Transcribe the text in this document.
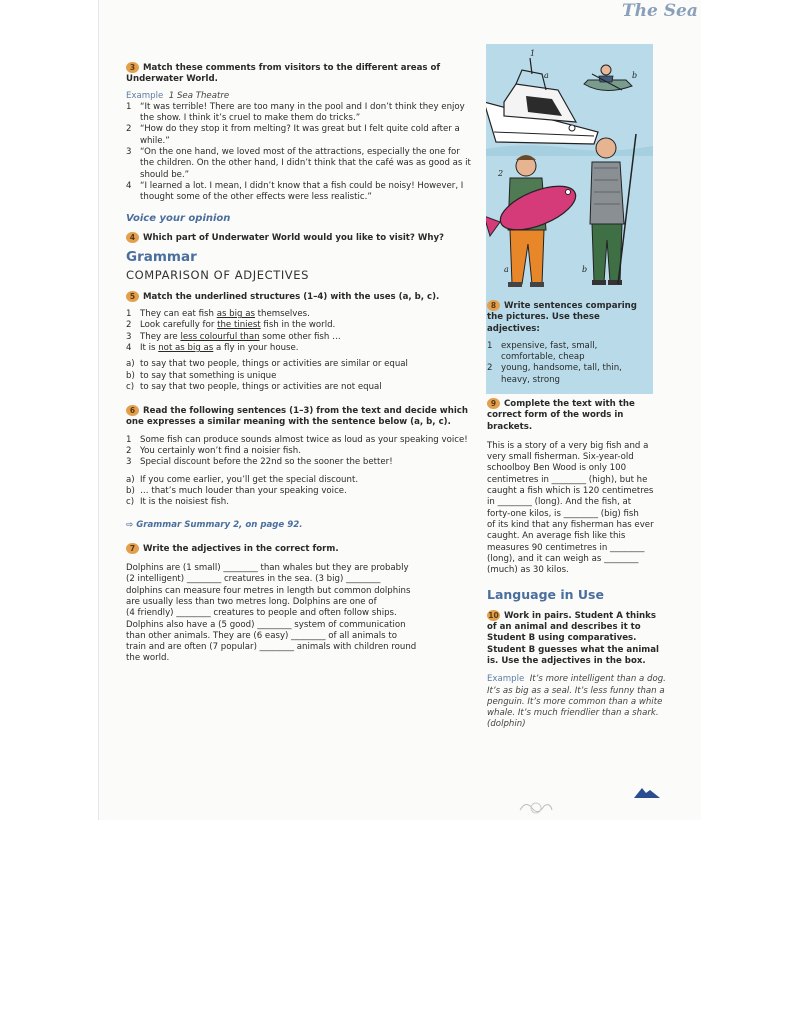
The Sea

3 Match these comments from visitors to the different areas of Underwater World.

Example 1 Sea Theatre

1 “It was terrible! There are too many in the pool and I don’t think they enjoy the show. I think it’s cruel to make them do tricks.”
2 “How do they stop it from melting? It was great but I felt quite cold after a while.”
3 “On the one hand, we loved most of the attractions, especially the one for the children. On the other hand, I didn’t think that the café was as good as it should be.”
4 “I learned a lot. I mean, I didn’t know that a fish could be noisy! However, I thought some of the other effects were less realistic.”

Voice your opinion

4 Which part of Underwater World would you like to visit? Why?

Grammar

COMPARISON OF ADJECTIVES

5 Match the underlined structures (1–4) with the uses (a, b, c).

1 They can eat fish as big as themselves.
2 Look carefully for the tiniest fish in the world.
3 They are less colourful than some other fish …
4 It is not as big as a fly in your house.
a) to say that two people, things or activities are similar or equal
b) to say that something is unique
c) to say that two people, things or activities are not equal

6 Read the following sentences (1–3) from the text and decide which one expresses a similar meaning with the sentence below (a, b, c).

1 Some fish can produce sounds almost twice as loud as your speaking voice!
2 You certainly won’t find a noisier fish.
3 Special discount before the 22nd so the sooner the better!
a) If you come earlier, you’ll get the special discount.
b) … that’s much louder than your speaking voice.
c) It is the noisiest fish.

⇨ Grammar Summary 2, on page 92.

7 Write the adjectives in the correct form.

Dolphins are (1 small) ________ than whales but they are probably
(2 intelligent) ________ creatures in the sea. (3 big) ________
dolphins can measure four metres in length but common dolphins
are usually less than two metres long. Dolphins are one of
(4 friendly) ________ creatures to people and often follow ships.
Dolphins also have a (5 good) ________ system of communication
than other animals. They are (6 easy) ________ of all animals to
train and are often (7 popular) ________ animals with children round
the world.
1
a	b
2
a	b

8 Write sentences comparing the pictures. Use these adjectives:

1 expensive, fast, small, comfortable, cheap
2 young, handsome, tall, thin, heavy, strong

9 Complete the text with the correct form of the words in brackets.

This is a story of a very big fish and a
very small fisherman. Six-year-old
schoolboy Ben Wood is only 100
centimetres in ________ (high), but he
caught a fish which is 120 centimetres
in ________ (long). And the fish, at
forty-one kilos, is ________ (big) fish
of its kind that any fisherman has ever
caught. An average fish like this
measures 90 centimetres in ________
(long), and it can weigh as ________
(much) as 30 kilos.

Language in Use

10 Work in pairs. Student A thinks of an animal and describes it to Student B using comparatives. Student B guesses what the animal is. Use the adjectives in the box.

Example It’s more intelligent than a dog. It’s as big as a seal. It’s less funny than a penguin. It’s more common than a white whale. It’s much friendlier than a shark. (dolphin)
